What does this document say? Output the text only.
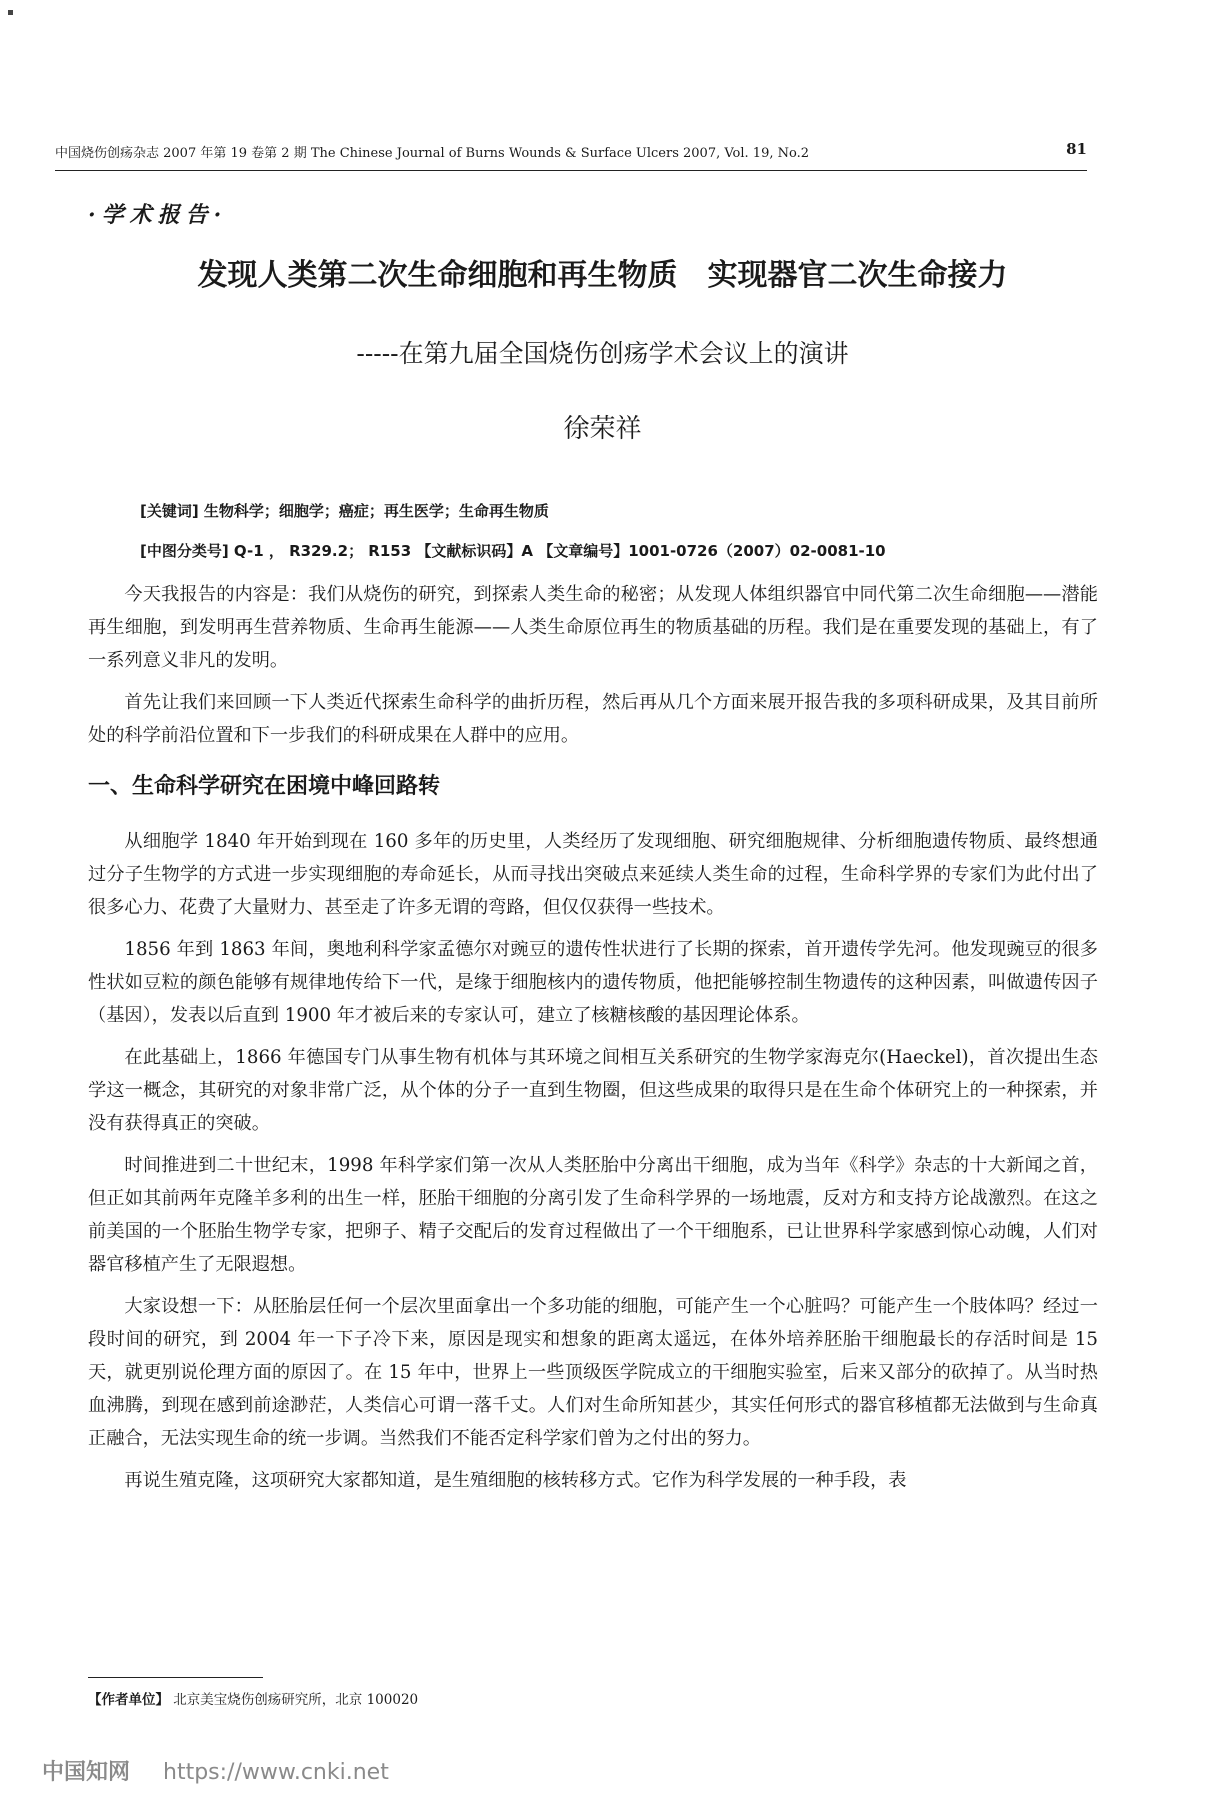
中国烧伤创疡杂志 2007 年第 19 卷第 2 期 The Chinese Journal of Burns Wounds & Surface Ulcers 2007, Vol. 19, No.2	81
·学术报告·
发现人类第二次生命细胞和再生物质　实现器官二次生命接力
-----在第九届全国烧伤创疡学术会议上的演讲
徐荣祥
[关键词] 生物科学；细胞学；癌症；再生医学；生命再生物质
[中图分类号] Q-1 ， R329.2； R153 【文献标识码】A 【文章编号】1001-0726（2007）02-0081-10

今天我报告的内容是：我们从烧伤的研究，到探索人类生命的秘密；从发现人体组织器官中同代第二次生命细胞——潜能再生细胞，到发明再生营养物质、生命再生能源——人类生命原位再生的物质基础的历程。我们是在重要发现的基础上，有了一系列意义非凡的发明。

首先让我们来回顾一下人类近代探索生命科学的曲折历程，然后再从几个方面来展开报告我的多项科研成果，及其目前所处的科学前沿位置和下一步我们的科研成果在人群中的应用。

一、生命科学研究在困境中峰回路转

从细胞学 1840 年开始到现在 160 多年的历史里，人类经历了发现细胞、研究细胞规律、分析细胞遗传物质、最终想通过分子生物学的方式进一步实现细胞的寿命延长，从而寻找出突破点来延续人类生命的过程，生命科学界的专家们为此付出了很多心力、花费了大量财力、甚至走了许多无谓的弯路，但仅仅获得一些技术。

1856 年到 1863 年间，奥地利科学家孟德尔对豌豆的遗传性状进行了长期的探索，首开遗传学先河。他发现豌豆的很多性状如豆粒的颜色能够有规律地传给下一代，是缘于细胞核内的遗传物质，他把能够控制生物遗传的这种因素，叫做遗传因子（基因），发表以后直到 1900 年才被后来的专家认可，建立了核糖核酸的基因理论体系。

在此基础上，1866 年德国专门从事生物有机体与其环境之间相互关系研究的生物学家海克尔(Haeckel)，首次提出生态学这一概念，其研究的对象非常广泛，从个体的分子一直到生物圈，但这些成果的取得只是在生命个体研究上的一种探索，并没有获得真正的突破。

时间推进到二十世纪末，1998 年科学家们第一次从人类胚胎中分离出干细胞，成为当年《科学》杂志的十大新闻之首，但正如其前两年克隆羊多利的出生一样，胚胎干细胞的分离引发了生命科学界的一场地震，反对方和支持方论战激烈。在这之前美国的一个胚胎生物学专家，把卵子、精子交配后的发育过程做出了一个干细胞系，已让世界科学家感到惊心动魄，人们对器官移植产生了无限遐想。

大家设想一下：从胚胎层任何一个层次里面拿出一个多功能的细胞，可能产生一个心脏吗？可能产生一个肢体吗？经过一段时间的研究，到 2004 年一下子冷下来，原因是现实和想象的距离太遥远，在体外培养胚胎干细胞最长的存活时间是 15 天，就更别说伦理方面的原因了。在 15 年中，世界上一些顶级医学院成立的干细胞实验室，后来又部分的砍掉了。从当时热血沸腾，到现在感到前途渺茫，人类信心可谓一落千丈。人们对生命所知甚少，其实任何形式的器官移植都无法做到与生命真正融合，无法实现生命的统一步调。当然我们不能否定科学家们曾为之付出的努力。

再说生殖克隆，这项研究大家都知道，是生殖细胞的核转移方式。它作为科学发展的一种手段，表

【作者单位】 北京美宝烧伤创疡研究所，北京 100020
中国知网 https://www.cnki.net
